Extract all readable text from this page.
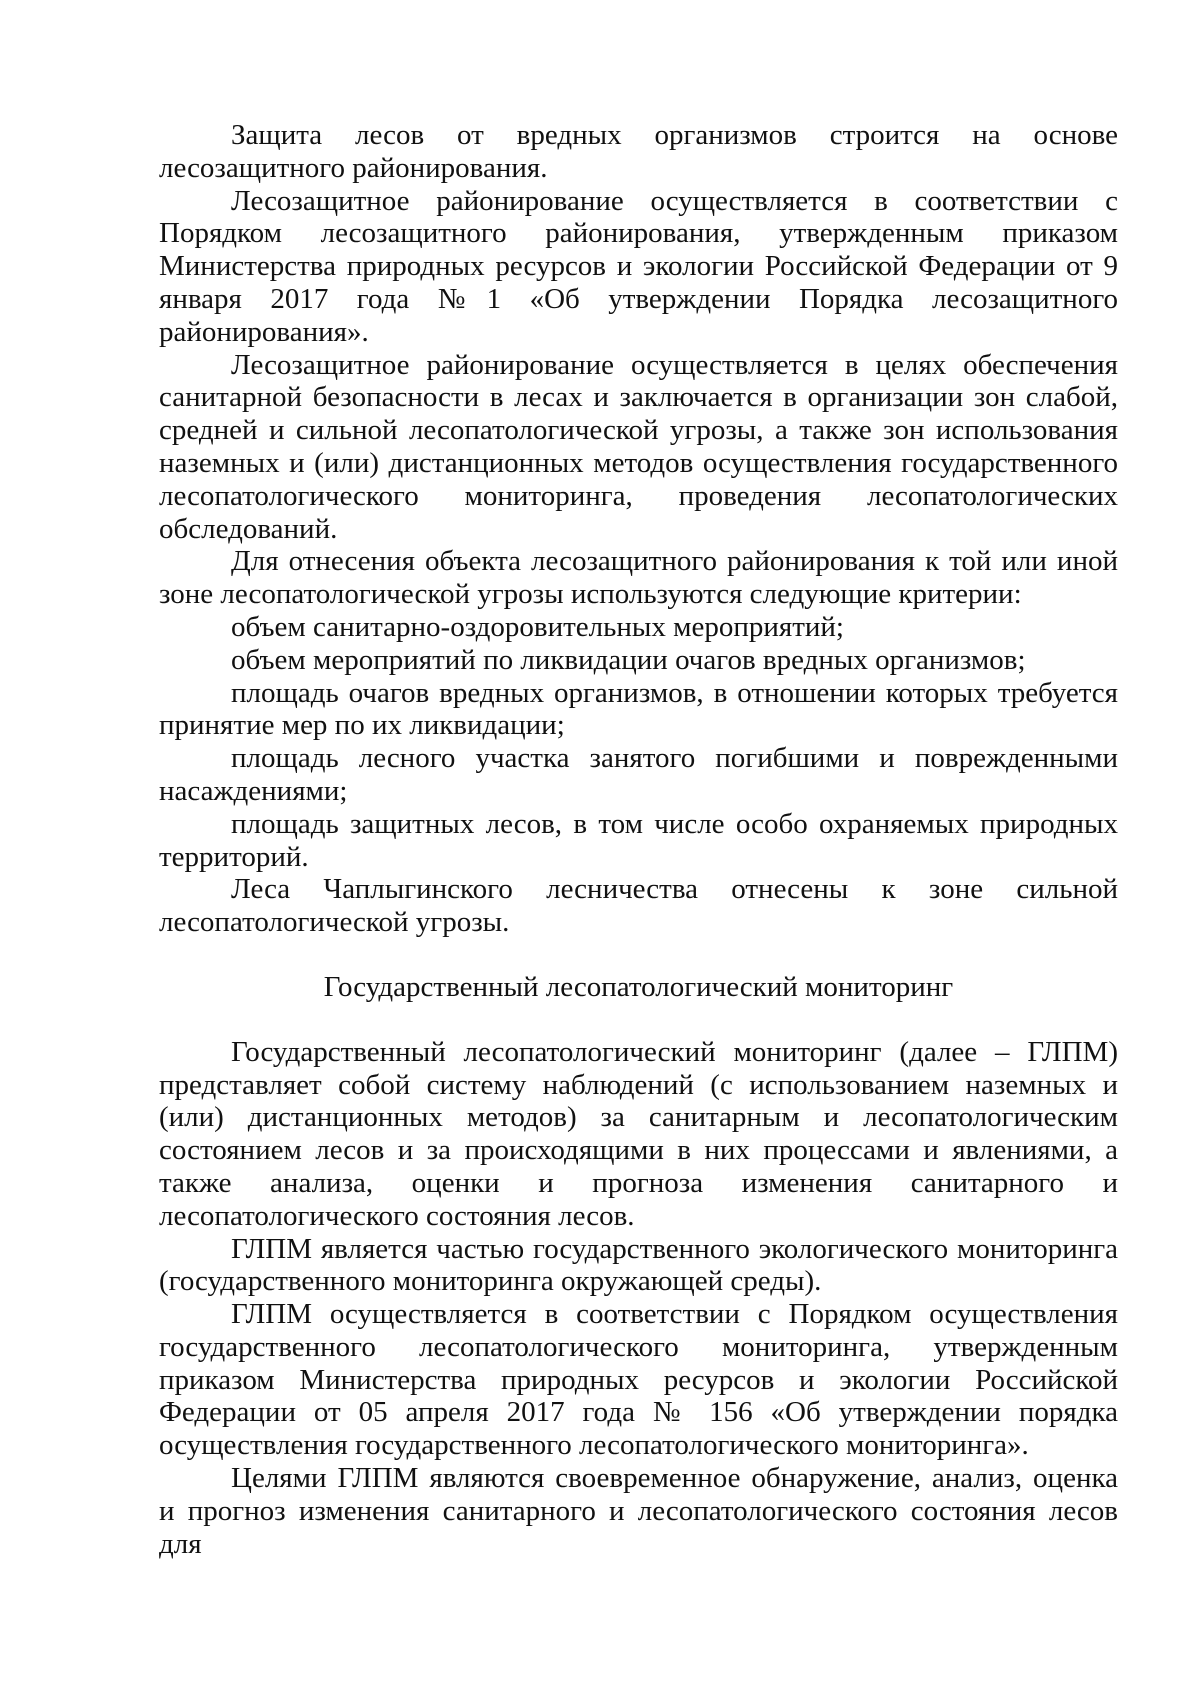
Защита лесов от вредных организмов строится на основе лесозащитного районирования.

Лесозащитное районирование осуществляется в соответствии с Порядком лесозащитного районирования, утвержденным приказом Министерства природных ресурсов и экологии Российской Федерации от 9 января 2017 года №1 «Об утверждении Порядка лесозащитного районирования».

Лесозащитное районирование осуществляется в целях обеспечения санитарной безопасности в лесах и заключается в организации зон слабой, средней и сильной лесопатологической угрозы, а также зон использования наземных и (или) дистанционных методов осуществления государственного лесопатологического мониторинга, проведения лесопатологических обследований.

Для отнесения объекта лесозащитного районирования к той или иной зоне лесопатологической угрозы используются следующие критерии:

объем санитарно-оздоровительных мероприятий;

объем мероприятий по ликвидации очагов вредных организмов;

площадь очагов вредных организмов, в отношении которых требуется принятие мер по их ликвидации;

площадь лесного участка занятого погибшими и поврежденными насаждениями;

площадь защитных лесов, в том числе особо охраняемых природных территорий.

Леса Чаплыгинского лесничества отнесены к зоне сильной лесопатологической угрозы.

Государственный лесопатологический мониторинг

Государственный лесопатологический мониторинг (далее – ГЛПМ) представляет собой систему наблюдений (с использованием наземных и (или) дистанционных методов) за санитарным и лесопатологическим состоянием лесов и за происходящими в них процессами и явлениями, а также анализа, оценки и прогноза изменения санитарного и лесопатологического состояния лесов.

ГЛПМ является частью государственного экологического мониторинга (государственного мониторинга окружающей среды).

ГЛПМ осуществляется в соответствии с Порядком осуществления государственного лесопатологического мониторинга, утвержденным приказом Министерства природных ресурсов и экологии Российской Федерации от 05 апреля 2017 года № 156 «Об утверждении порядка осуществления государственного лесопатологического мониторинга».

Целями ГЛПМ являются своевременное обнаружение, анализ, оценка и прогноз изменения санитарного и лесопатологического состояния лесов для
